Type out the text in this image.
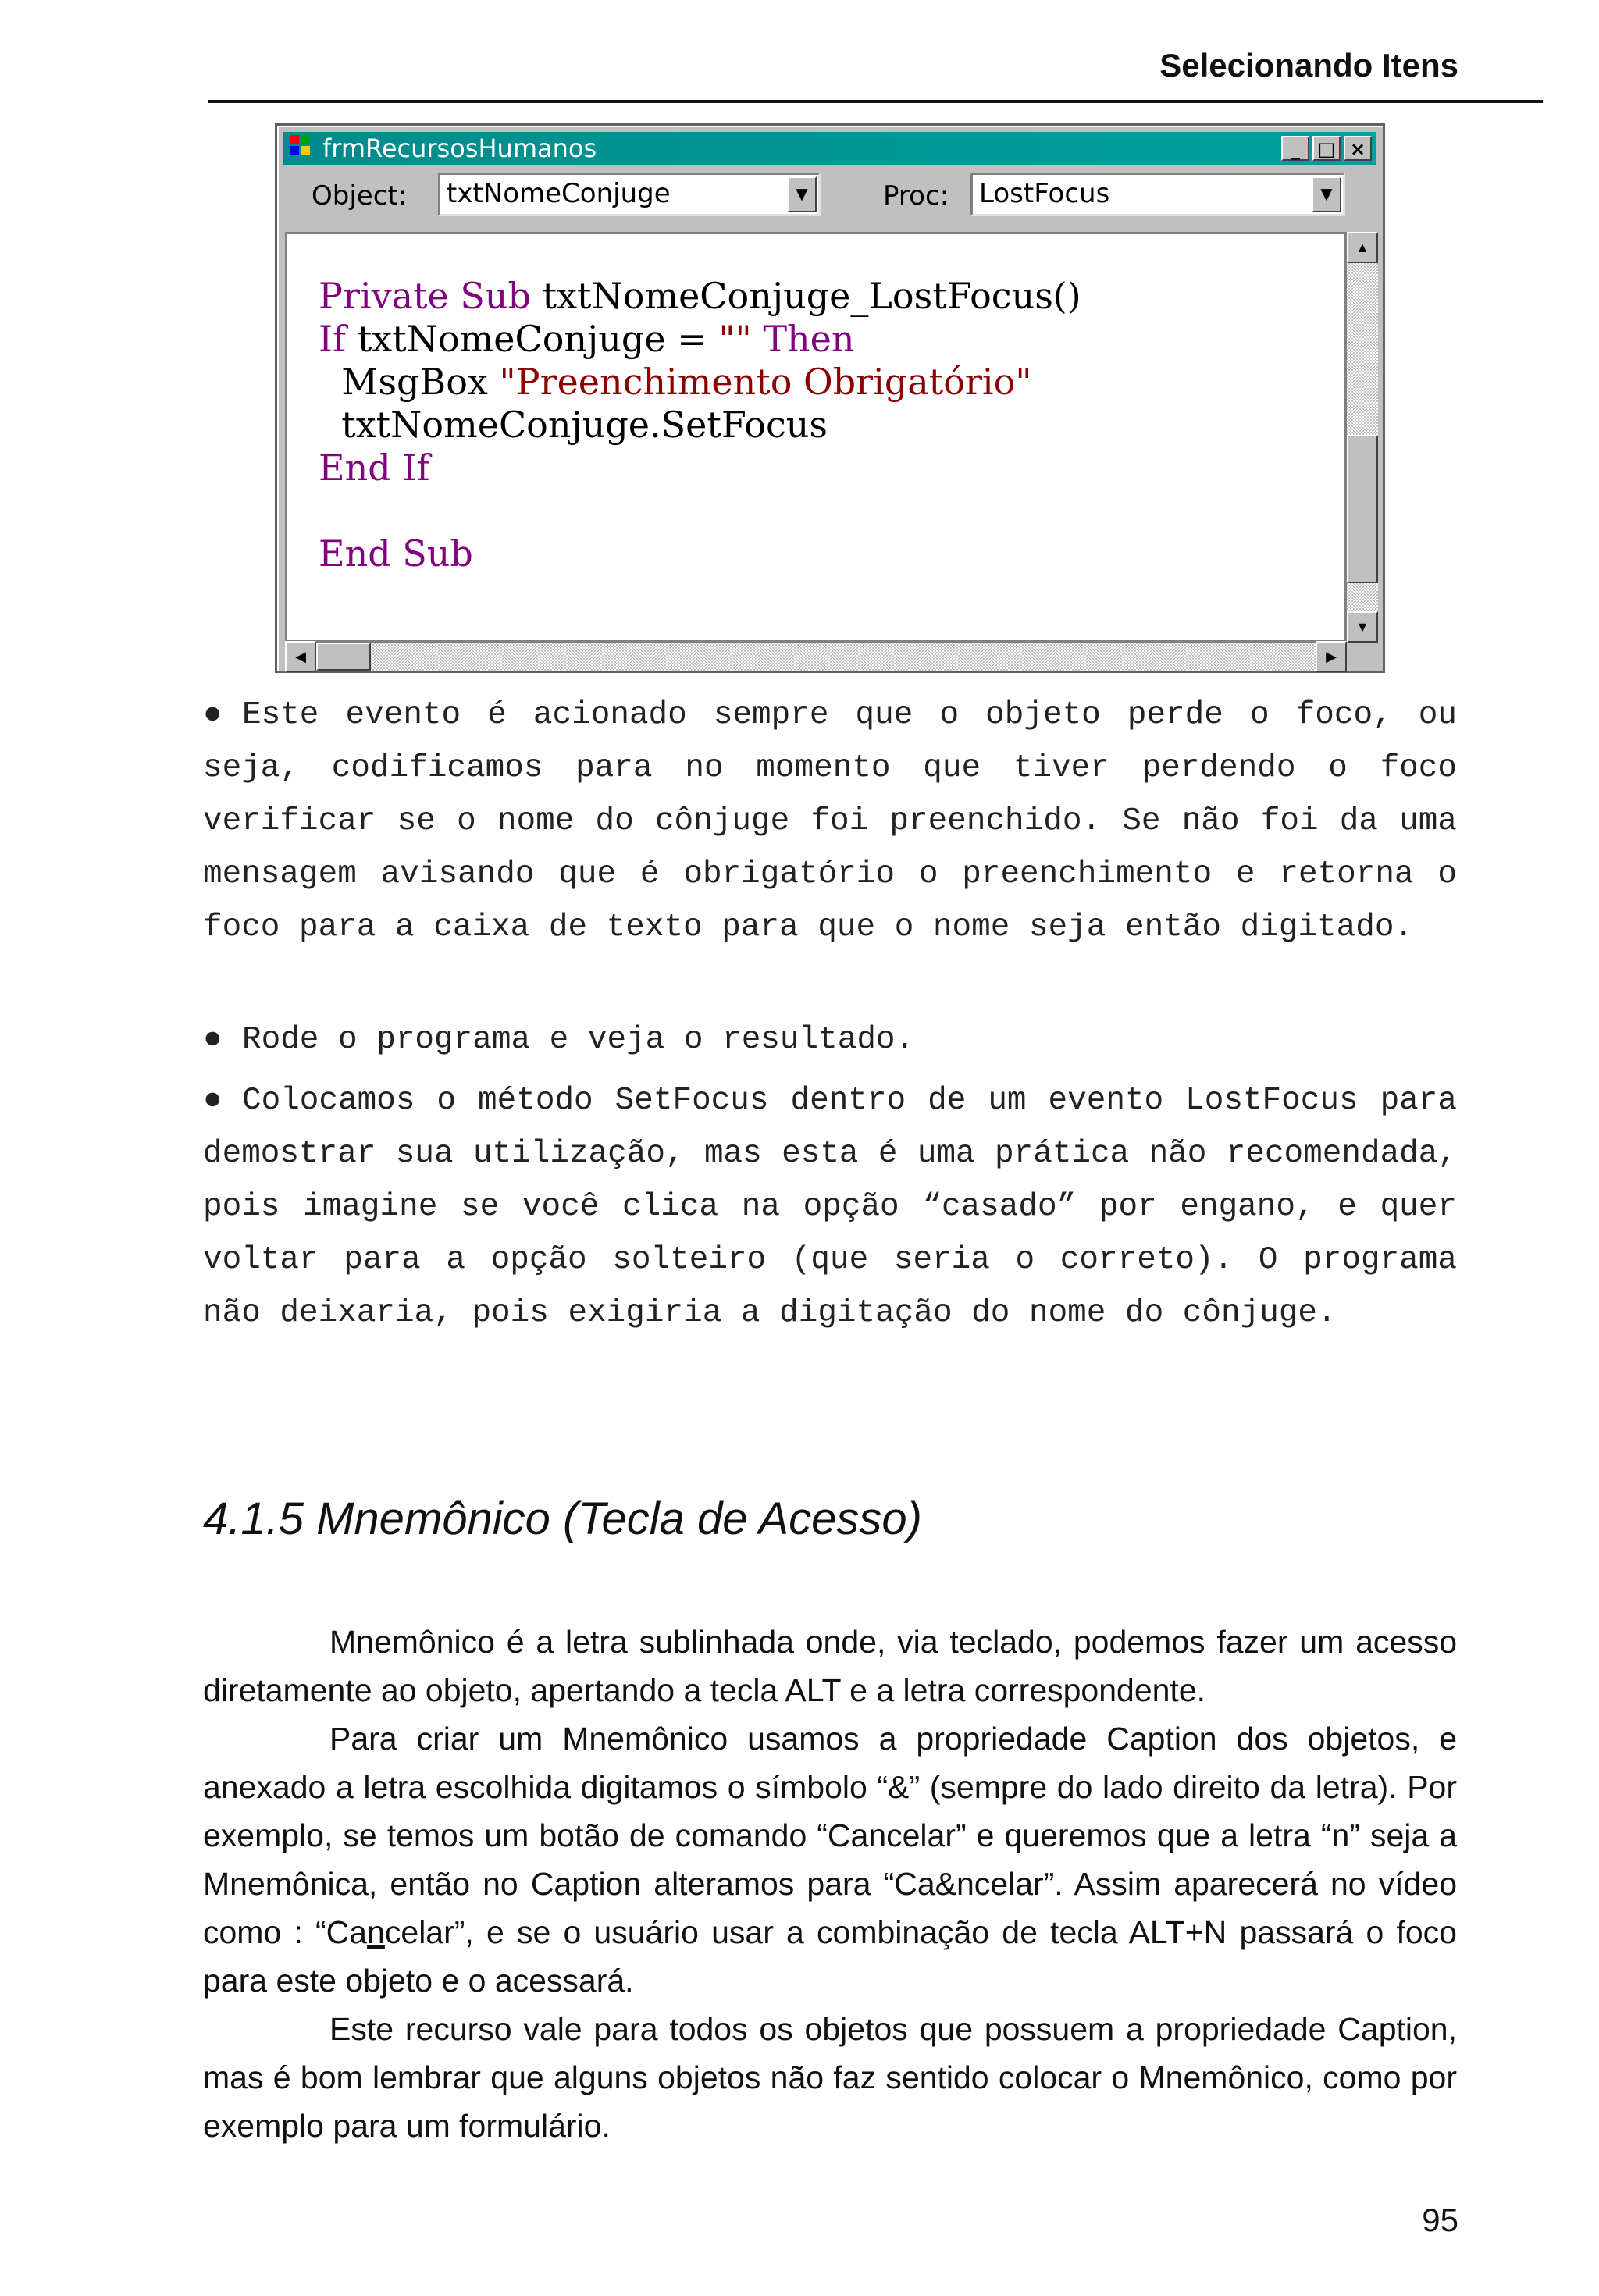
Selecionando Itens
frmRecursosHumanos	_ □ ×
Object:	txtNomeConjuge	▼	Proc:	LostFocus	▼
Private Sub txtNomeConjuge_LostFocus()
If txtNomeConjuge = "" Then
MsgBox "Preenchimento Obrigatório"
txtNomeConjuge.SetFocus
End If
End Sub
▲
▼
◀	▶

● Este evento é acionado sempre que o objeto perde o foco, ou seja, codificamos para no momento que tiver perdendo o foco verificar se o nome do cônjuge foi preenchido. Se não foi da uma mensagem avisando que é obrigatório o preenchimento e retorna o foco para a caixa de texto para que o nome seja então digitado.

● Rode o programa e veja o resultado.

● Colocamos o método SetFocus dentro de um evento LostFocus para demostrar sua utilização, mas esta é uma prática não recomendada, pois imagine se você clica na opção “casado” por engano, e quer voltar para a opção solteiro (que seria o correto). O programa não deixaria, pois exigiria a digitação do nome do cônjuge.

4.1.5 Mnemônico (Tecla de Acesso)

Mnemônico é a letra sublinhada onde, via teclado, podemos fazer um acesso diretamente ao objeto, apertando a tecla ALT e a letra correspondente.

Para criar um Mnemônico usamos a propriedade Caption dos objetos, e anexado a letra escolhida digitamos o símbolo “&” (sempre do lado direito da letra). Por exemplo, se temos um botão de comando “Cancelar” e queremos que a letra “n” seja a Mnemônica, então no Caption alteramos para “Ca&ncelar”. Assim aparecerá no vídeo como : “Cancelar”, e se o usuário usar a combinação de tecla ALT+N passará o foco para este objeto e o acessará.

Este recurso vale para todos os objetos que possuem a propriedade Caption, mas é bom lembrar que alguns objetos não faz sentido colocar o Mnemônico, como por exemplo para um formulário.

95
